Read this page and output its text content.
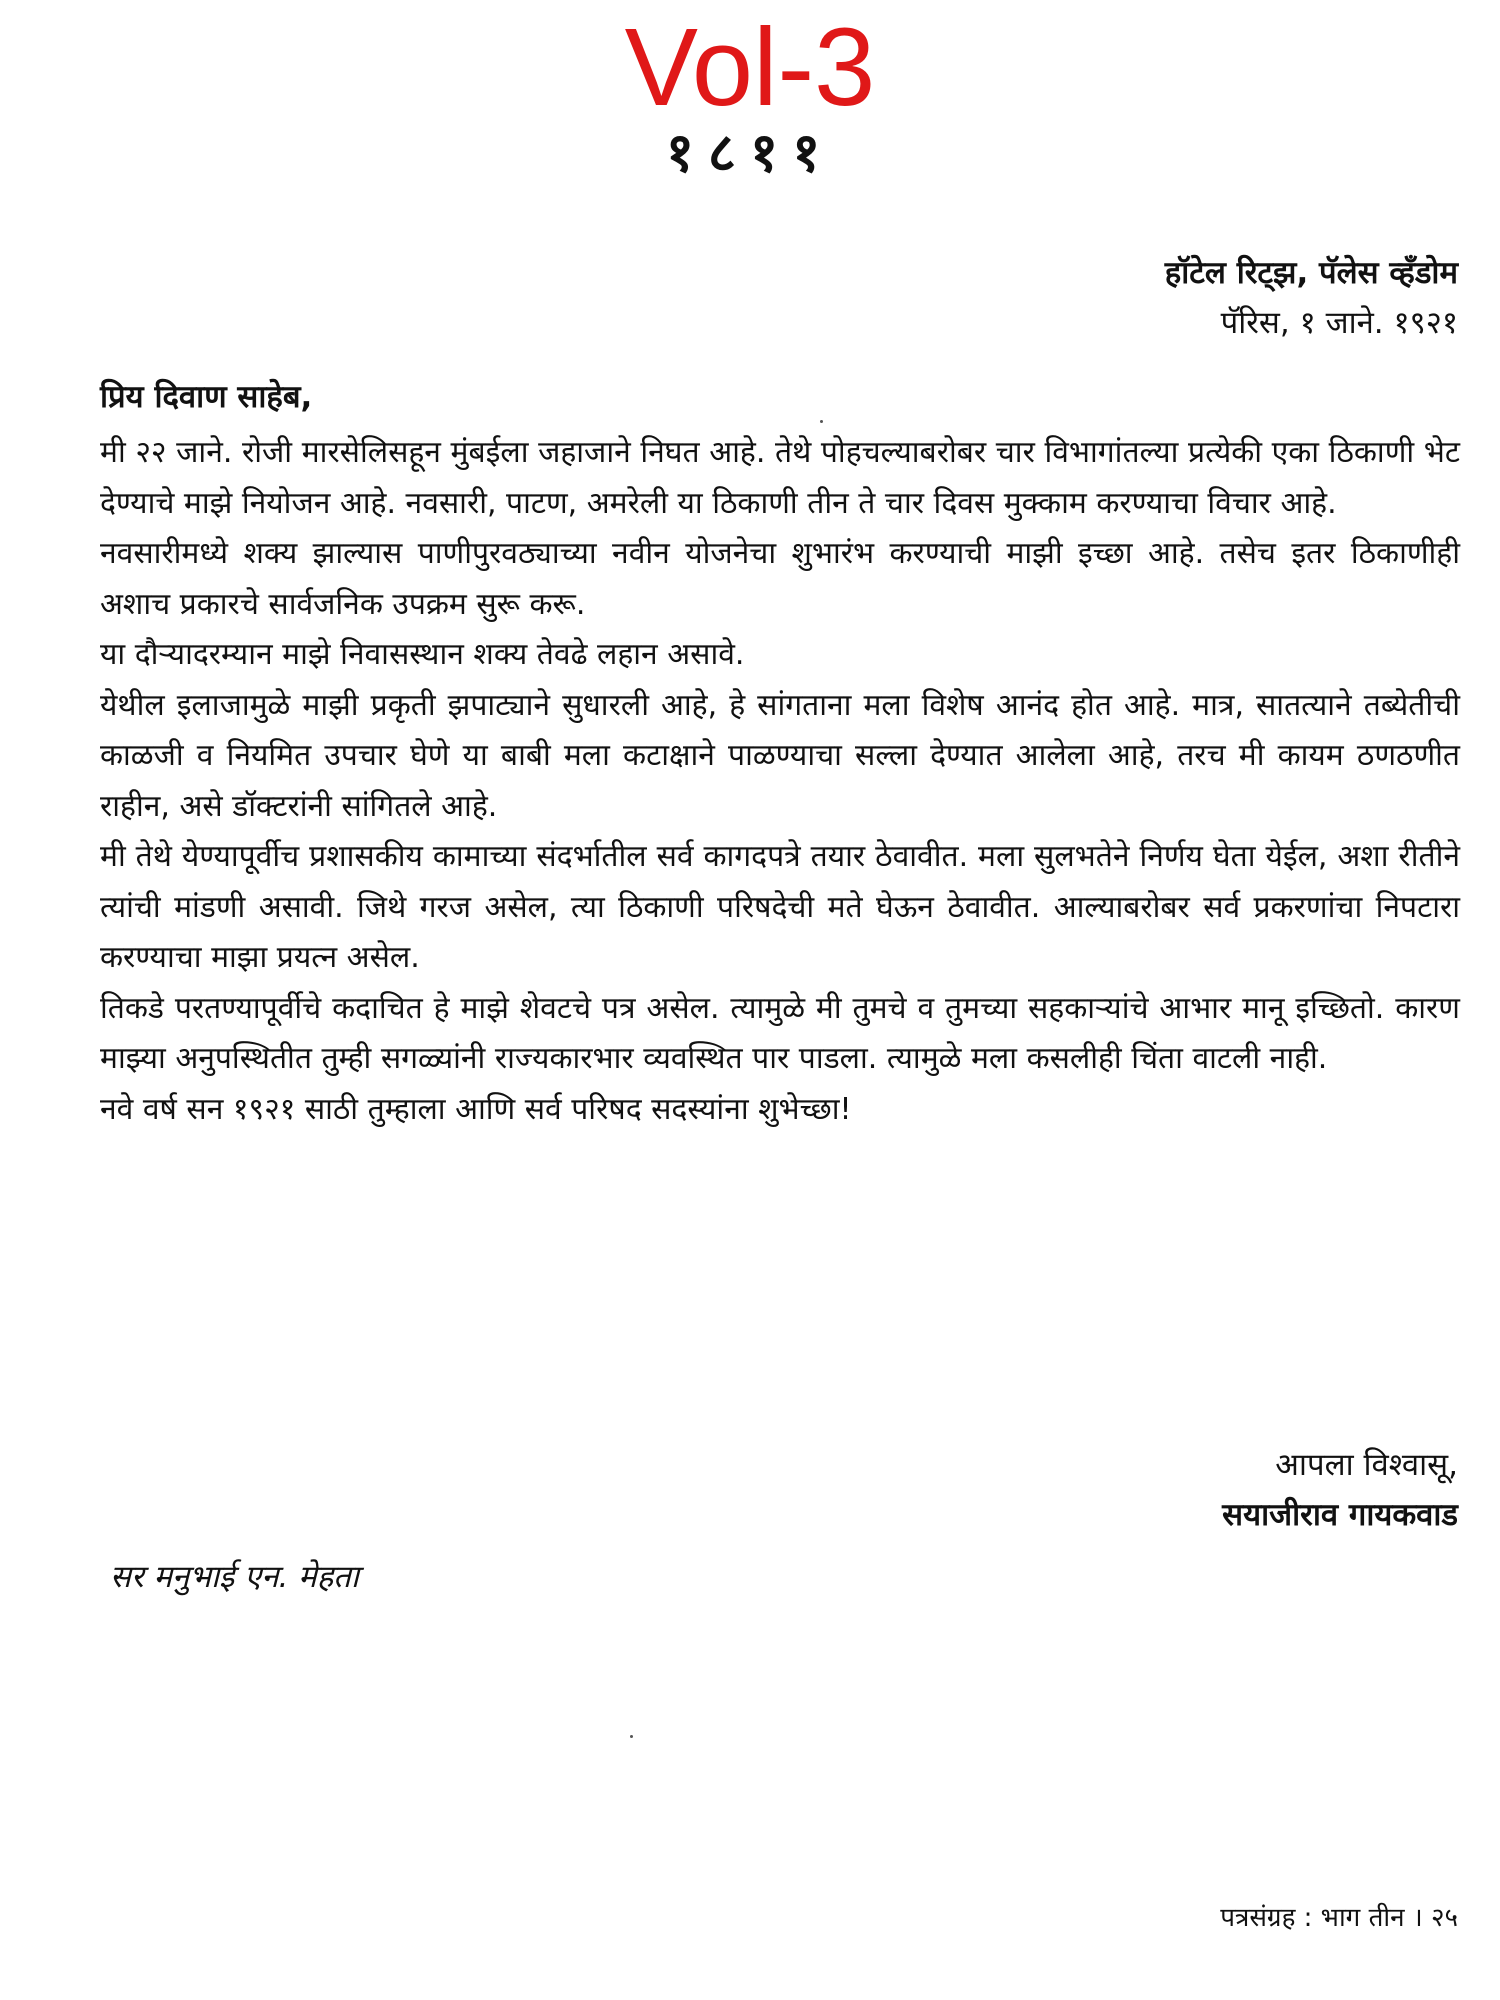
Vol-3
१८११
हॉटेल रिट्झ, पॅलेस व्हॅंडोम
पॅरिस, १ जाने. १९२१
प्रिय दिवाण साहेब,

मी २२ जाने. रोजी मारसेलिसहून मुंबईला जहाजाने निघत आहे. तेथे पोहचल्याबरोबर चार विभागांतल्या प्रत्येकी एका ठिकाणी भेट देण्याचे माझे नियोजन आहे. नवसारी, पाटण, अमरेली या ठिकाणी तीन ते चार दिवस मुक्काम करण्याचा विचार आहे.

नवसारीमध्ये शक्य झाल्यास पाणीपुरवठ्याच्या नवीन योजनेचा शुभारंभ करण्याची माझी इच्छा आहे. तसेच इतर ठिकाणीही अशाच प्रकारचे सार्वजनिक उपक्रम सुरू करू.

या दौऱ्यादरम्यान माझे निवासस्थान शक्य तेवढे लहान असावे.

येथील इलाजामुळे माझी प्रकृती झपाट्याने सुधारली आहे, हे सांगताना मला विशेष आनंद होत आहे. मात्र, सातत्याने तब्येतीची काळजी व नियमित उपचार घेणे या बाबी मला कटाक्षाने पाळण्याचा सल्ला देण्यात आलेला आहे, तरच मी कायम ठणठणीत राहीन, असे डॉक्टरांनी सांगितले आहे.

मी तेथे येण्यापूर्वीच प्रशासकीय कामाच्या संदर्भातील सर्व कागदपत्रे तयार ठेवावीत. मला सुलभतेने निर्णय घेता येईल, अशा रीतीने त्यांची मांडणी असावी. जिथे गरज असेल, त्या ठिकाणी परिषदेची मते घेऊन ठेवावीत. आल्याबरोबर सर्व प्रकरणांचा निपटारा करण्याचा माझा प्रयत्न असेल.

तिकडे परतण्यापूर्वीचे कदाचित हे माझे शेवटचे पत्र असेल. त्यामुळे मी तुमचे व तुमच्या सहकाऱ्यांचे आभार मानू इच्छितो. कारण माझ्या अनुपस्थितीत तुम्ही सगळ्यांनी राज्यकारभार व्यवस्थित पार पाडला. त्यामुळे मला कसलीही चिंता वाटली नाही.

नवे वर्ष सन १९२१ साठी तुम्हाला आणि सर्व परिषद सदस्यांना शुभेच्छा!

आपला विश्वासू,
सयाजीराव गायकवाड
सर मनुभाई एन. मेहता
पत्रसंग्रह : भाग तीन । २५
